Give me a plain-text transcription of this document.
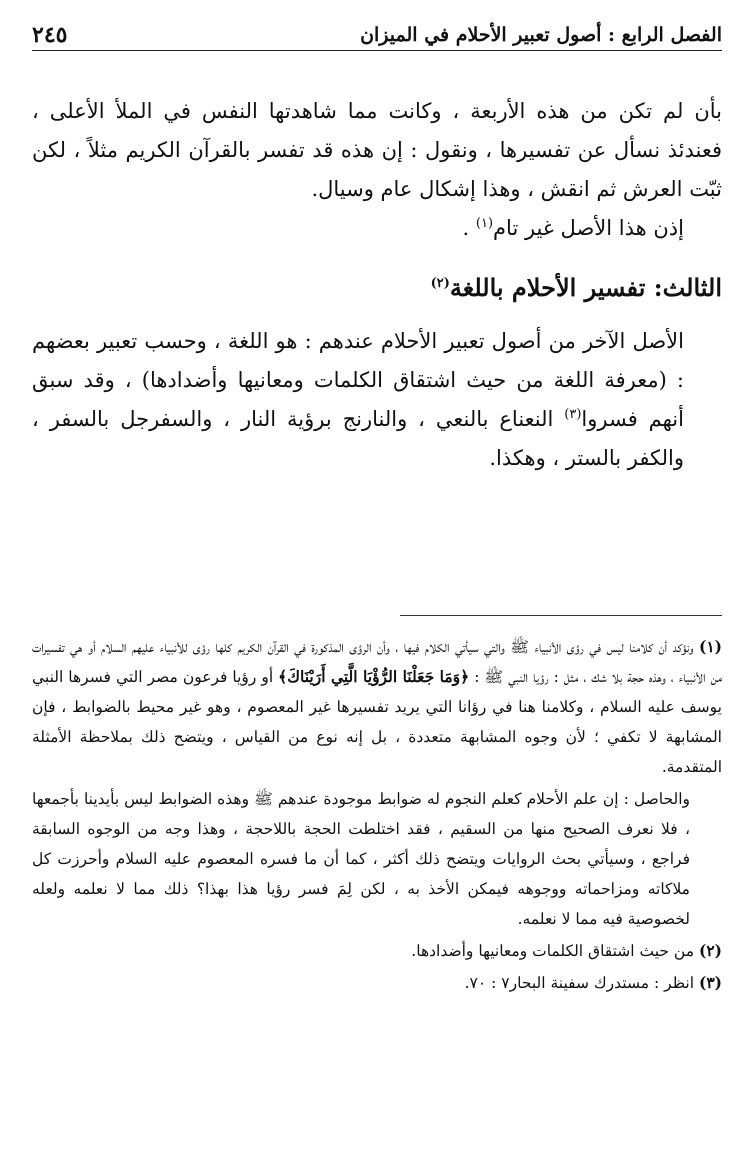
الفصل الرابع : أصول تعبير الأحلام في الميزان
٢٤٥

بأن لم تكن من هذه الأربعة ، وكانت مما شاهدتها النفس في الملأ الأعلى ، فعندئذ نسأل عن تفسيرها ، ونقول : إن هذه قد تفسر بالقرآن الكريم مثلاً ، لكن ثبّت العرش ثم انقش ، وهذا إشكال عام وسيال.

إذن هذا الأصل غير تام$^{(١)}$ .

الثالث: تفسير الأحلام باللغة$^{(٢)}$

الأصل الآخر من أصول تعبير الأحلام عندهم : هو اللغة ، وحسب تعبير بعضهم : (معرفة اللغة من حيث اشتقاق الكلمات ومعانيها وأضدادها) ، وقد سبق أنهم فسروا$^{(٣)}$ النعناع بالنعي ، والنارنج برؤية النار ، والسفرجل بالسفر ، والكفر بالستر ، وهكذا.

(١) ونؤكد أن كلامنا ليس في رؤى الأنبياء ﷺ والتي سيأتي الكلام فيها ، وأن الرؤى المذكورة في القرآن الكريم كلها رؤى للأنبياء عليهم السلام أو هي تفسيرات من الأنبياء ، وهذه حجة بلا شك ، مثل : رؤيا النبي ﷺ : ﴿وَمَا جَعَلْنَا الرُّؤْيَا الَّتِي أَرَيْنَاكَ﴾ أو رؤيا فرعون مصر التي فسرها النبي يوسف عليه السلام ، وكلامنا هنا في رؤانا التي يريد تفسيرها غير المعصوم ، وهو غير محيط بالضوابط ، فإن المشابهة لا تكفي ؛ لأن وجوه المشابهة متعددة ، بل إنه نوع من القياس ، ويتضح ذلك بملاحظة الأمثلة المتقدمة.

والحاصل : إن علم الأحلام كعلم النجوم له ضوابط موجودة عندهم ﷺ وهذه الضوابط ليس بأيدينا بأجمعها ، فلا نعرف الصحيح منها من السقيم ، فقد اختلطت الحجة باللاحجة ، وهذا وجه من الوجوه السابقة فراجع ، وسيأتي بحث الروايات ويتضح ذلك أكثر ، كما أن ما فسره المعصوم عليه السلام وأحرزت كل ملاكاته ومزاحماته ووجوهه فيمكن الأخذ به ، لكن لِمَ فسر رؤيا هذا بهذا؟ ذلك مما لا نعلمه ولعله لخصوصية فيه مما لا نعلمه.

(٢) من حيث اشتقاق الكلمات ومعانيها وأضدادها.

(٣) انظر : مستدرك سفينة البحار٧ : ٧٠.
